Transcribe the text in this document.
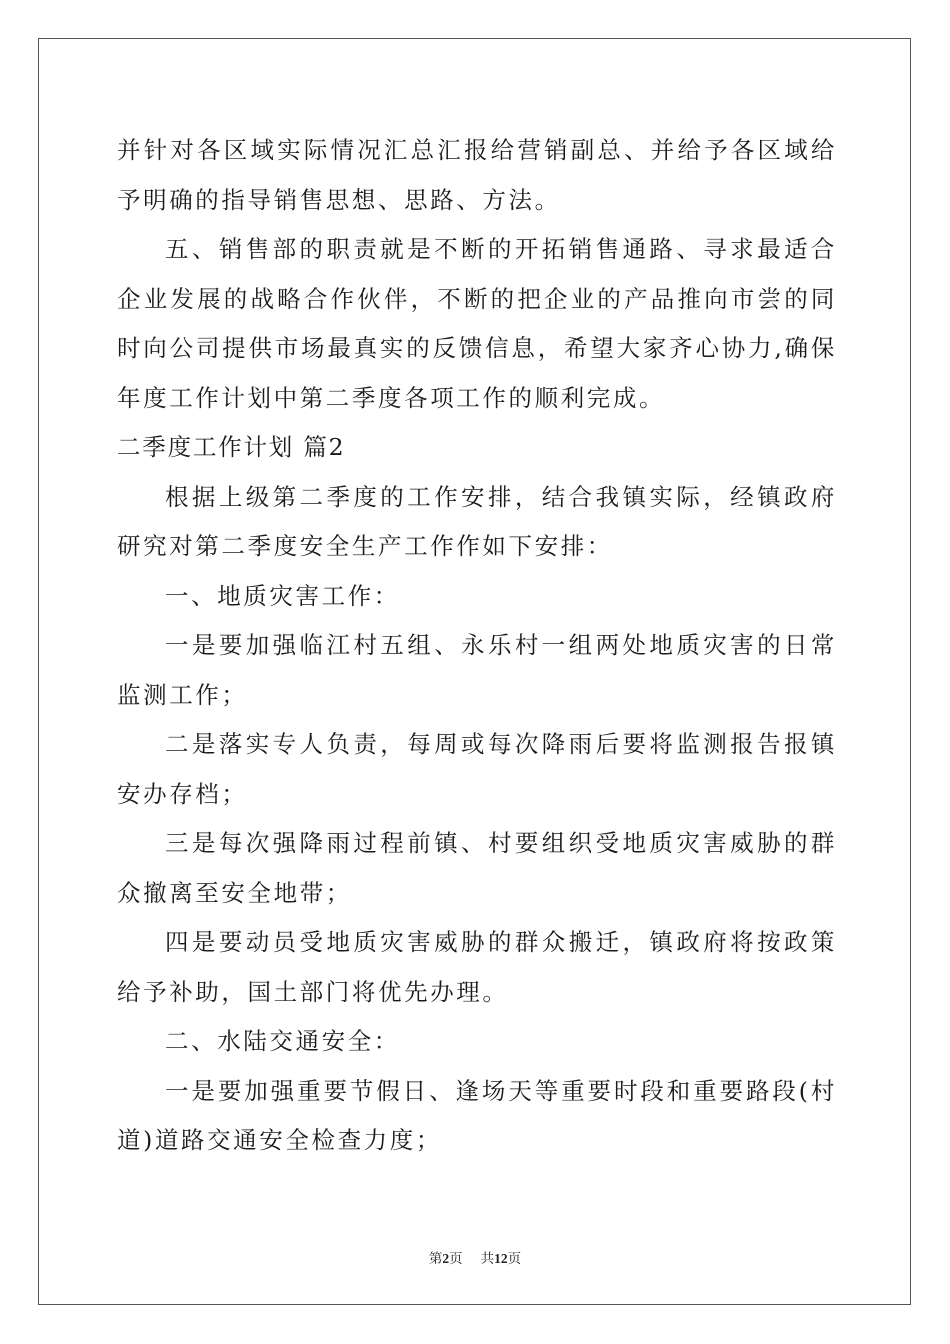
并针对各区域实际情况汇总汇报给营销副总、并给予各区域给予明确的指导销售思想、思路、方法。

五、销售部的职责就是不断的开拓销售通路、寻求最适合企业发展的战略合作伙伴，不断的把企业的产品推向市尝的同时向公司提供市场最真实的反馈信息，希望大家齐心协力,确保年度工作计划中第二季度各项工作的顺利完成。

二季度工作计划 篇2

根据上级第二季度的工作安排，结合我镇实际，经镇政府研究对第二季度安全生产工作作如下安排：

一、地质灾害工作：

一是要加强临江村五组、永乐村一组两处地质灾害的日常监测工作；

二是落实专人负责，每周或每次降雨后要将监测报告报镇安办存档；

三是每次强降雨过程前镇、村要组织受地质灾害威胁的群众撤离至安全地带；

四是要动员受地质灾害威胁的群众搬迁，镇政府将按政策给予补助，国土部门将优先办理。

二、水陆交通安全：

一是要加强重要节假日、逢场天等重要时段和重要路段(村道)道路交通安全检查力度；

第2页 共12页
